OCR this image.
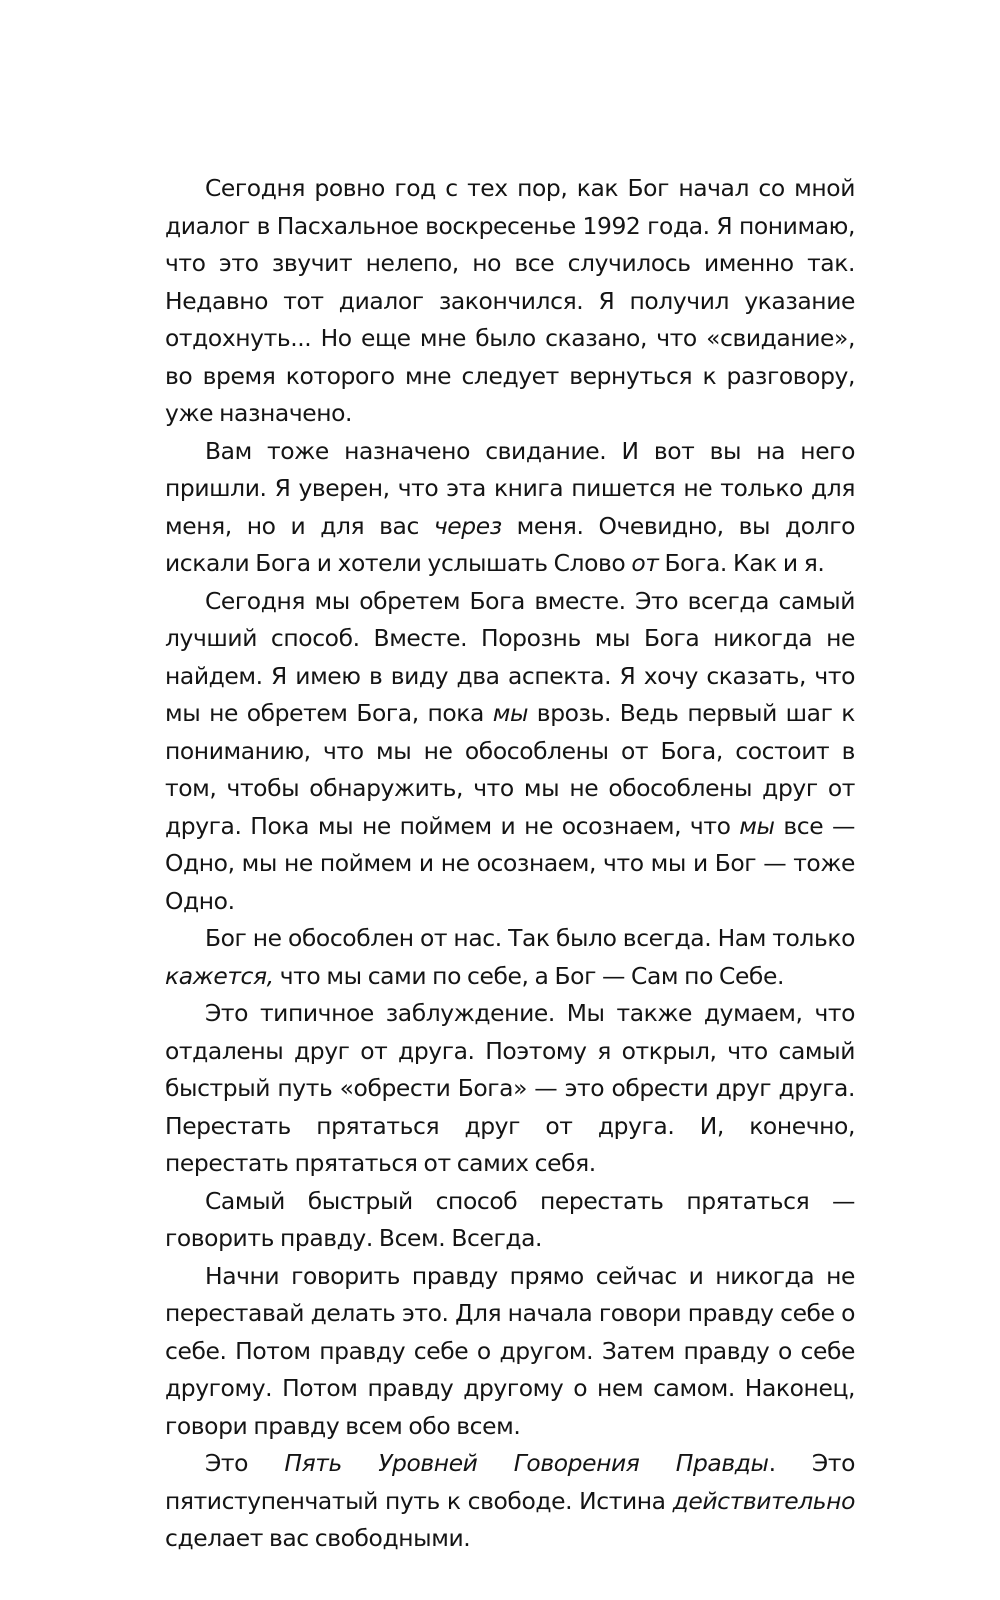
Сегодня ровно год с тех пор, как Бог начал со мной диалог в Пасхальное воскресенье 1992 года. Я понимаю, что это звучит нелепо, но все случилось именно так. Недавно тот диалог закончился. Я получил указание отдохнуть... Но еще мне было сказано, что «свидание», во время которого мне следует вернуться к разговору, уже назначено.

Вам тоже назначено свидание. И вот вы на него пришли. Я уверен, что эта книга пишется не только для меня, но и для вас через меня. Очевидно, вы долго искали Бога и хотели услышать Слово от Бога. Как и я.

Сегодня мы обретем Бога вместе. Это всегда самый лучший способ. Вместе. Порознь мы Бога никогда не найдем. Я имею в виду два аспекта. Я хочу сказать, что мы не обретем Бога, пока мы врозь. Ведь первый шаг к пониманию, что мы не обособлены от Бога, состоит в том, чтобы обнаружить, что мы не обособлены друг от друга. Пока мы не поймем и не осознаем, что мы все — Одно, мы не поймем и не осознаем, что мы и Бог — тоже Одно.

Бог не обособлен от нас. Так было всегда. Нам только кажется, что мы сами по себе, а Бог — Сам по Себе.

Это типичное заблуждение. Мы также думаем, что отдалены друг от друга. Поэтому я открыл, что самый быстрый путь «обрести Бога» — это обрести друг друга. Перестать прятаться друг от друга. И, конечно, перестать прятаться от самих себя.

Самый быстрый способ перестать прятаться — говорить правду. Всем. Всегда.

Начни говорить правду прямо сейчас и никогда не переставай делать это. Для начала говори правду себе о себе. Потом правду себе о другом. Затем правду о себе другому. Потом правду другому о нем самом. Наконец, говори правду всем обо всем.

Это Пять Уровней Говорения Правды. Это пятиступенчатый путь к свободе. Истина действительно сделает вас свободными.
